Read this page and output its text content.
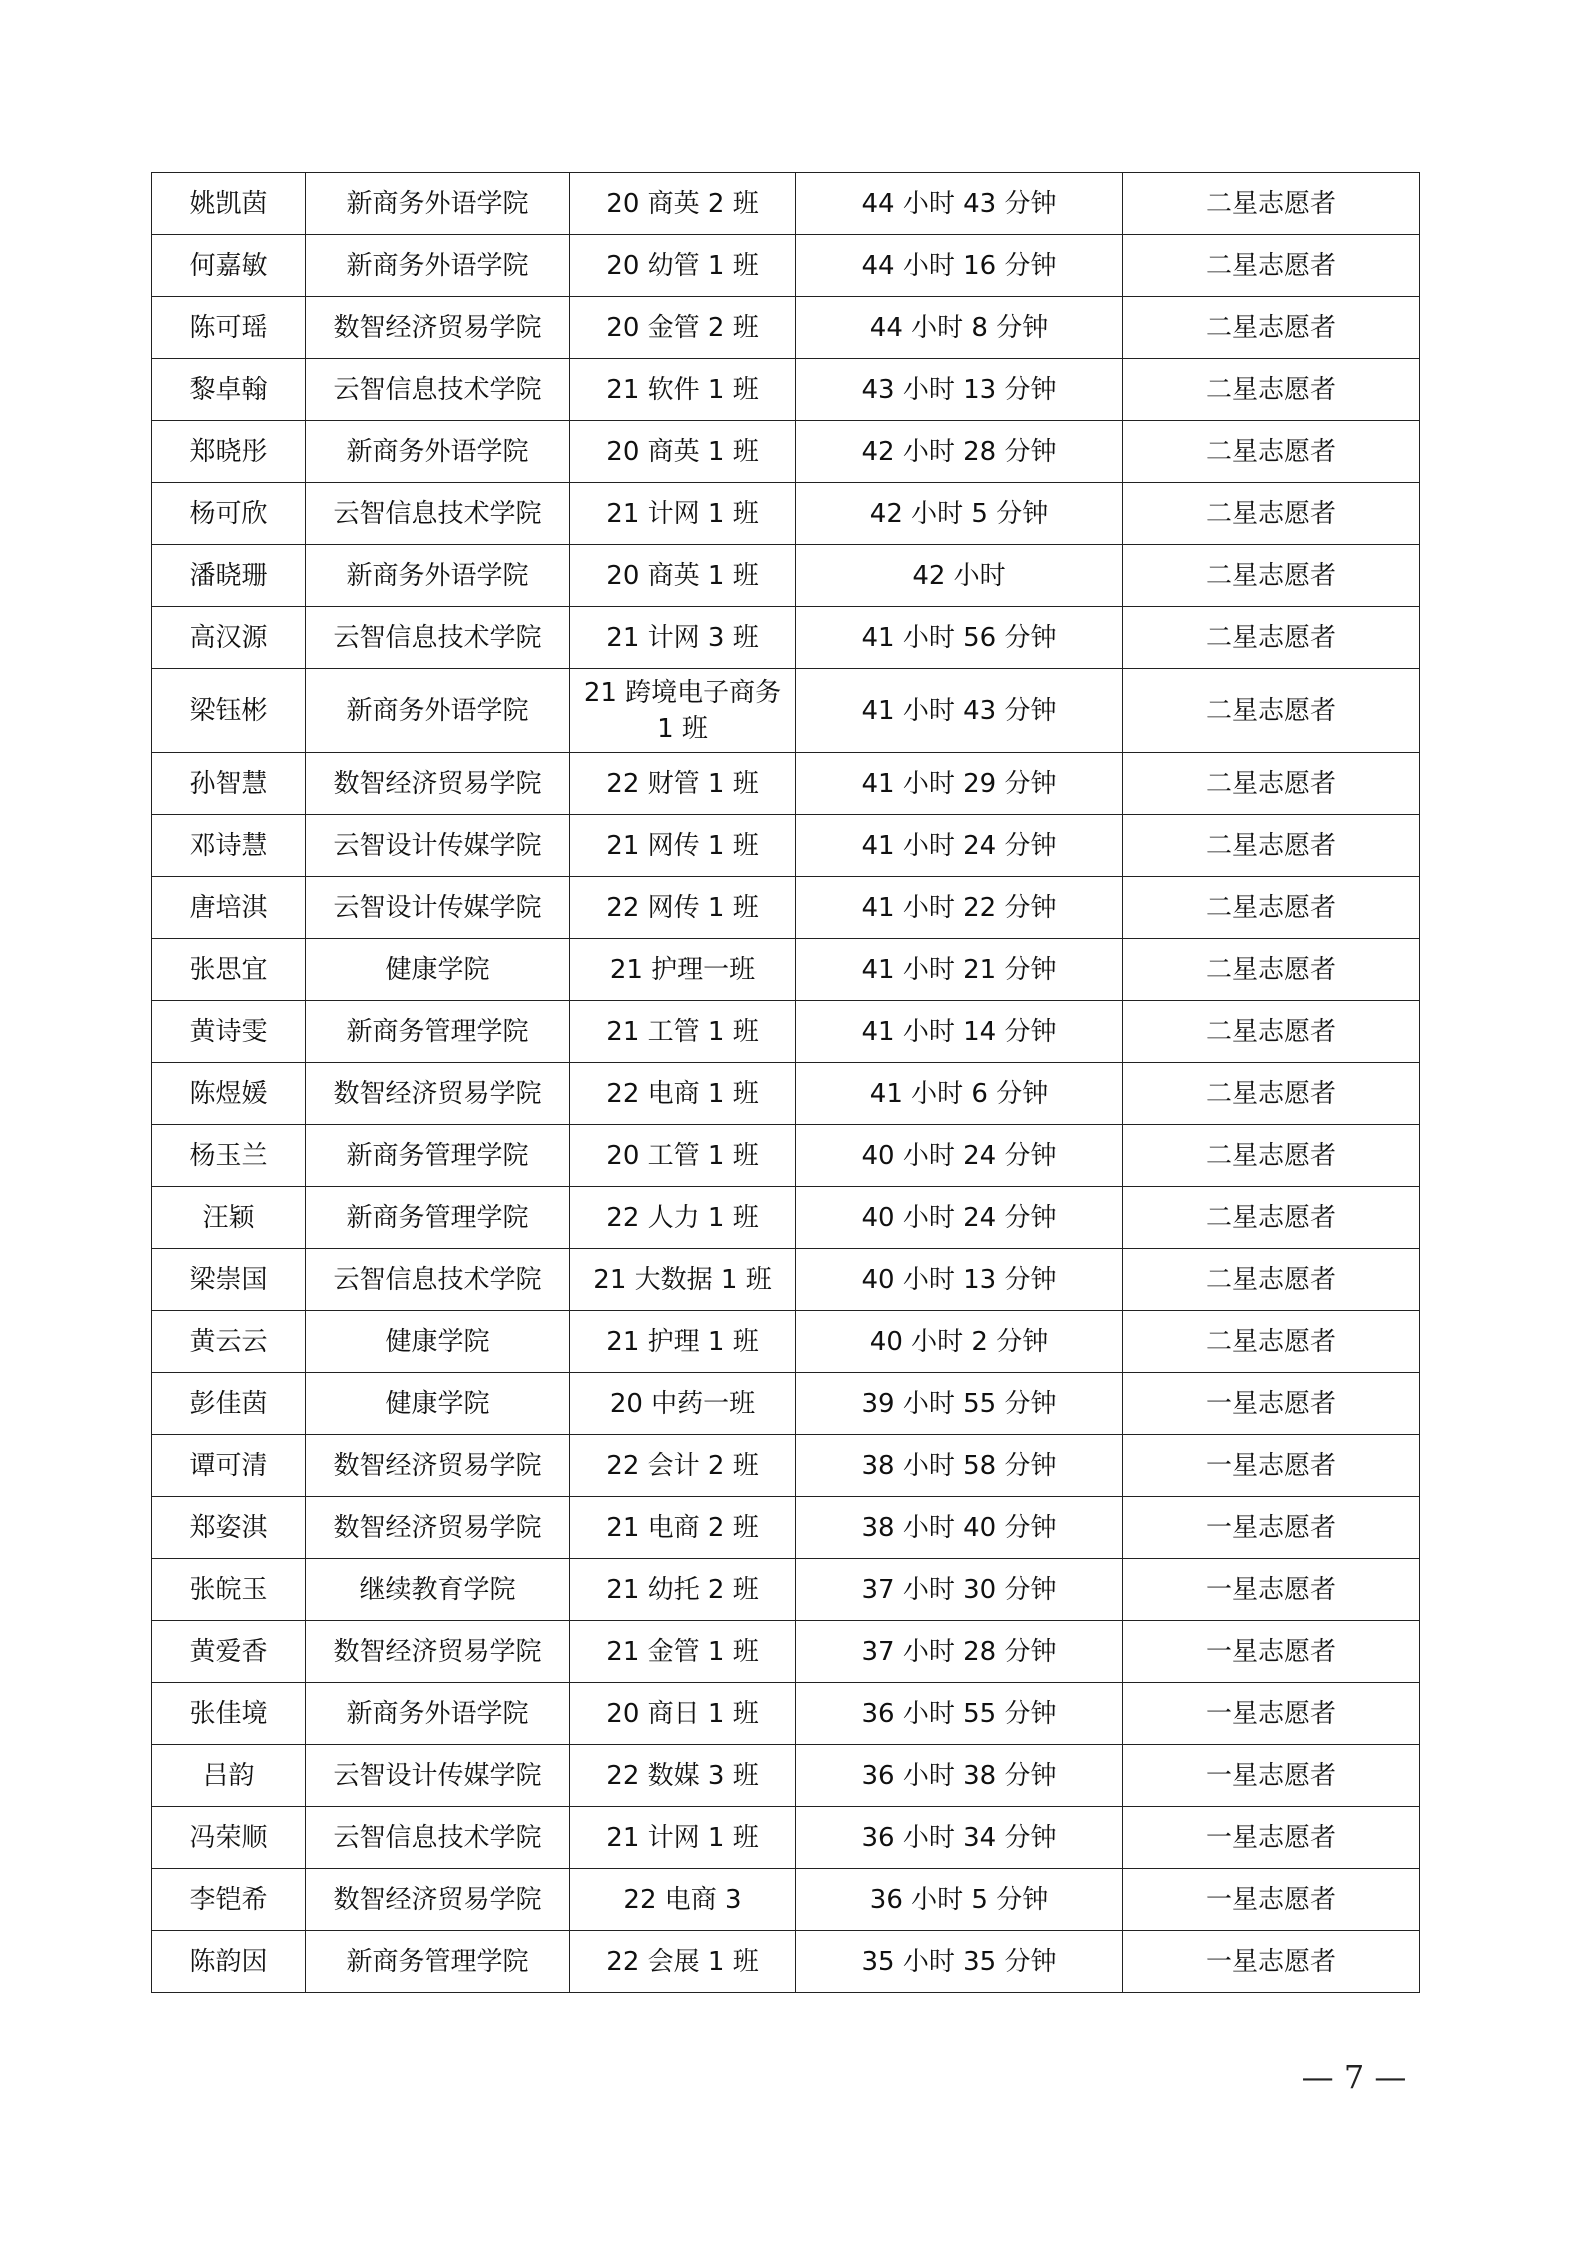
姚凯茵	新商务外语学院	20 商英 2 班	44 小时 43 分钟	二星志愿者
何嘉敏	新商务外语学院	20 幼管 1 班	44 小时 16 分钟	二星志愿者
陈可瑶	数智经济贸易学院	20 金管 2 班	44 小时 8 分钟	二星志愿者
黎卓翰	云智信息技术学院	21 软件 1 班	43 小时 13 分钟	二星志愿者
郑晓彤	新商务外语学院	20 商英 1 班	42 小时 28 分钟	二星志愿者
杨可欣	云智信息技术学院	21 计网 1 班	42 小时 5 分钟	二星志愿者
潘晓珊	新商务外语学院	20 商英 1 班	42 小时	二星志愿者
高汉源	云智信息技术学院	21 计网 3 班	41 小时 56 分钟	二星志愿者
梁钰彬	新商务外语学院	21 跨境电子商务 1 班	41 小时 43 分钟	二星志愿者
孙智慧	数智经济贸易学院	22 财管 1 班	41 小时 29 分钟	二星志愿者
邓诗慧	云智设计传媒学院	21 网传 1 班	41 小时 24 分钟	二星志愿者
唐培淇	云智设计传媒学院	22 网传 1 班	41 小时 22 分钟	二星志愿者
张思宜	健康学院	21 护理一班	41 小时 21 分钟	二星志愿者
黄诗雯	新商务管理学院	21 工管 1 班	41 小时 14 分钟	二星志愿者
陈煜媛	数智经济贸易学院	22 电商 1 班	41 小时 6 分钟	二星志愿者
杨玉兰	新商务管理学院	20 工管 1 班	40 小时 24 分钟	二星志愿者
汪颖	新商务管理学院	22 人力 1 班	40 小时 24 分钟	二星志愿者
梁崇国	云智信息技术学院	21 大数据 1 班	40 小时 13 分钟	二星志愿者
黄云云	健康学院	21 护理 1 班	40 小时 2 分钟	二星志愿者
彭佳茵	健康学院	20 中药一班	39 小时 55 分钟	一星志愿者
谭可清	数智经济贸易学院	22 会计 2 班	38 小时 58 分钟	一星志愿者
郑姿淇	数智经济贸易学院	21 电商 2 班	38 小时 40 分钟	一星志愿者
张皖玉	继续教育学院	21 幼托 2 班	37 小时 30 分钟	一星志愿者
黄爱香	数智经济贸易学院	21 金管 1 班	37 小时 28 分钟	一星志愿者
张佳境	新商务外语学院	20 商日 1 班	36 小时 55 分钟	一星志愿者
吕韵	云智设计传媒学院	22 数媒 3 班	36 小时 38 分钟	一星志愿者
冯荣顺	云智信息技术学院	21 计网 1 班	36 小时 34 分钟	一星志愿者
李铠希	数智经济贸易学院	22 电商 3	36 小时 5 分钟	一星志愿者
陈韵因	新商务管理学院	22 会展 1 班	35 小时 35 分钟	一星志愿者
— 7 —
